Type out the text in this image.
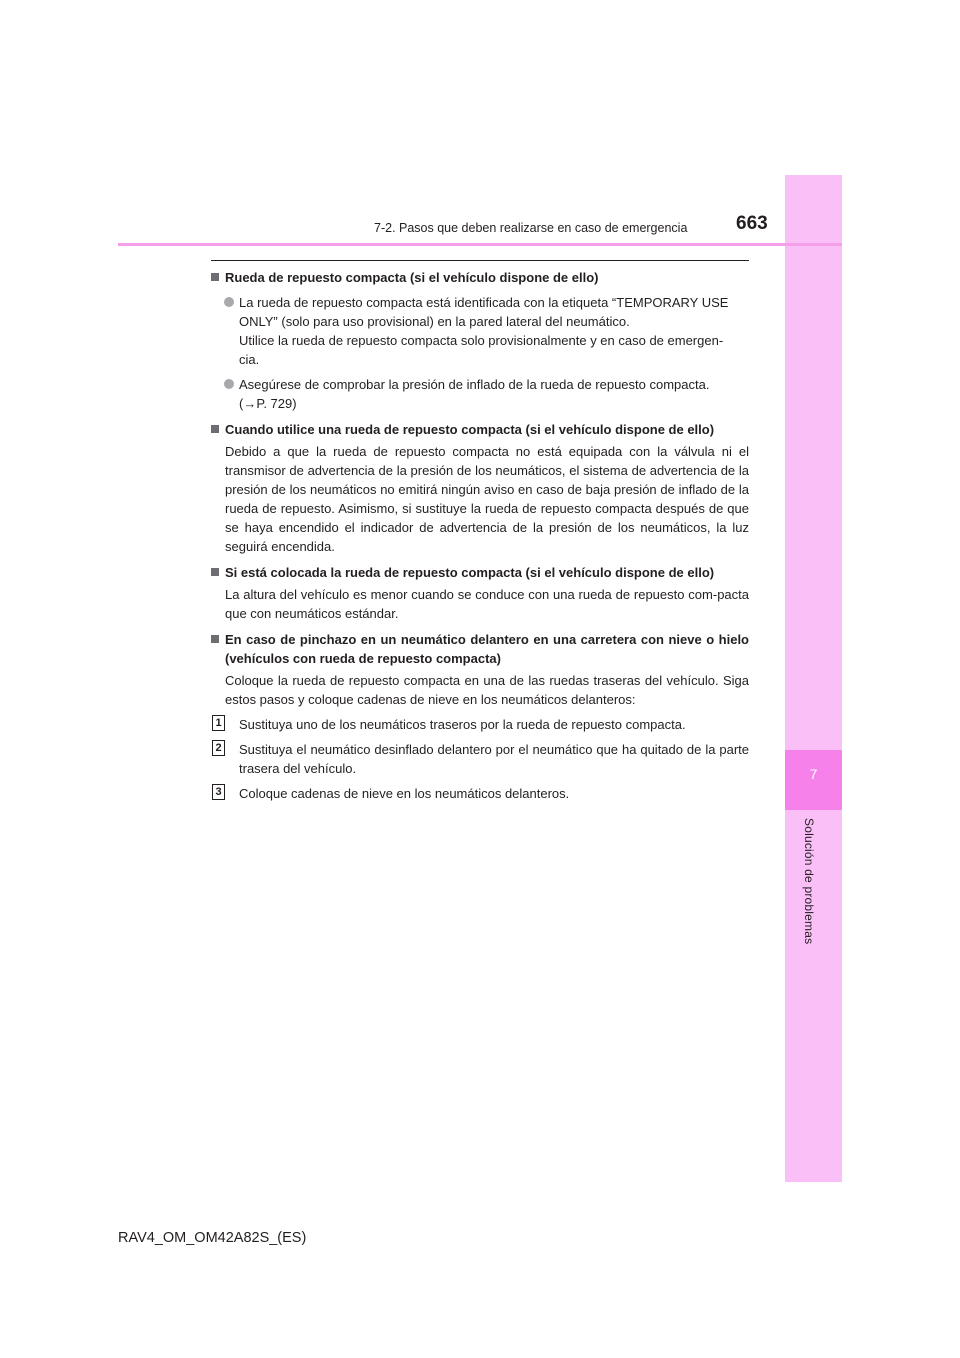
7
Solución de problemas
7-2. Pasos que deben realizarse en caso de emergencia	663
Rueda de repuesto compacta (si el vehículo dispone de ello)
La rueda de repuesto compacta está identificada con la etiqueta “TEMPORARY USE
ONLY” (solo para uso provisional) en la pared lateral del neumático.
Utilice la rueda de repuesto compacta solo provisionalmente y en caso de emergen-
cia.
Asegúrese de comprobar la presión de inflado de la rueda de repuesto compacta.
(→P. 729)
Cuando utilice una rueda de repuesto compacta (si el vehículo dispone de ello)
Debido a que la rueda de repuesto compacta no está equipada con la válvula ni el transmisor de advertencia de la presión de los neumáticos, el sistema de advertencia de la presión de los neumáticos no emitirá ningún aviso en caso de baja presión de inflado de la rueda de repuesto. Asimismo, si sustituye la rueda de repuesto compacta después de que se haya encendido el indicador de advertencia de la presión de los neumáticos, la luz seguirá encendida.
Si está colocada la rueda de repuesto compacta (si el vehículo dispone de ello)
La altura del vehículo es menor cuando se conduce con una rueda de repuesto com-pacta que con neumáticos estándar.
En caso de pinchazo en un neumático delantero en una carretera con nieve o hielo (vehículos con rueda de repuesto compacta)
Coloque la rueda de repuesto compacta en una de las ruedas traseras del vehículo. Siga estos pasos y coloque cadenas de nieve en los neumáticos delanteros:
1 Sustituya uno de los neumáticos traseros por la rueda de repuesto compacta.
2 Sustituya el neumático desinflado delantero por el neumático que ha quitado de la parte trasera del vehículo.
3 Coloque cadenas de nieve en los neumáticos delanteros.
RAV4_OM_OM42A82S_(ES)
